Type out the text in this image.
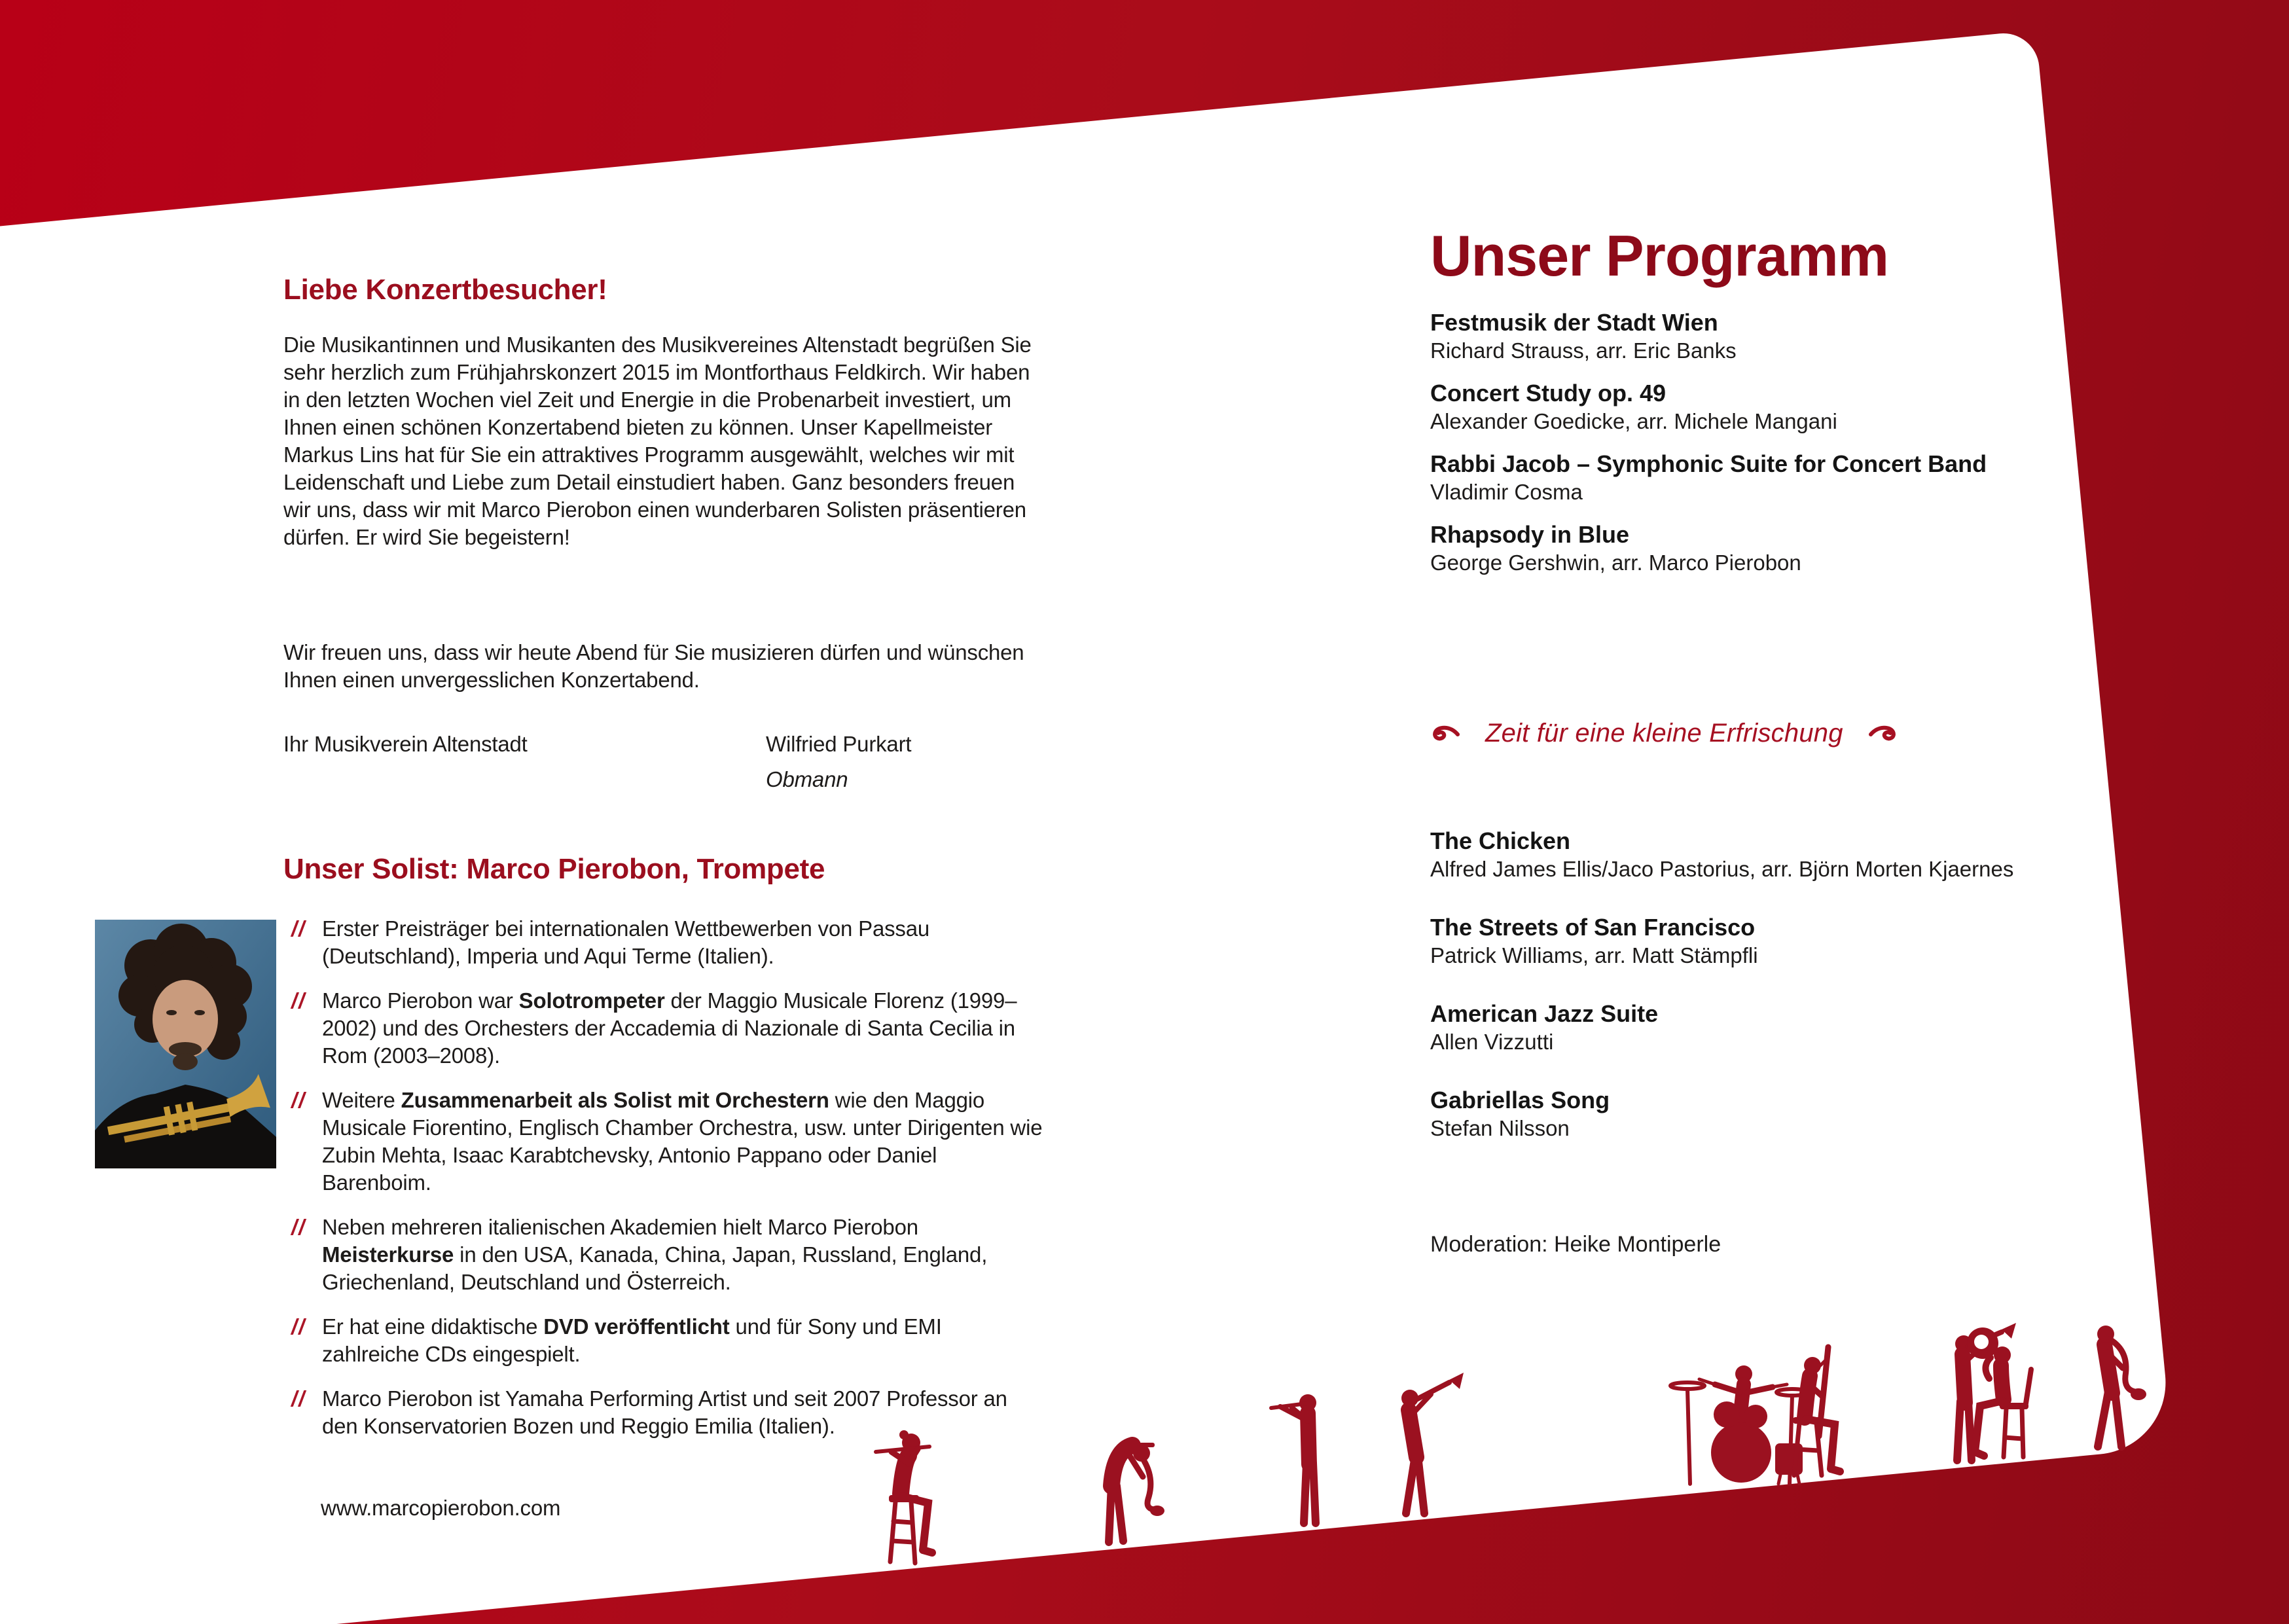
Liebe Konzertbesucher!
Die Musikantinnen und Musikanten des Musikvereines Altenstadt begrüßen Sie sehr herzlich zum Frühjahrskonzert 2015 im Montforthaus Feldkirch. Wir haben in den letzten Wochen viel Zeit und Energie in die Probenarbeit investiert, um Ihnen einen schönen Konzertabend bieten zu können. Unser Kapellmeister Markus Lins hat für Sie ein attraktives Programm ausgewählt, welches wir mit Leidenschaft und Liebe zum Detail einstudiert haben. Ganz besonders freuen wir uns, dass wir mit Marco Pierobon einen wunderbaren Solisten präsentieren dürfen. Er wird Sie begeistern!
Wir freuen uns, dass wir heute Abend für Sie musizieren dürfen und wünschen Ihnen einen unvergesslichen Konzertabend.
Ihr Musikverein Altenstadt	Wilfried Purkart
Obmann
Unser Solist: Marco Pierobon, Trompete
// Erster Preisträger bei internationalen Wettbewerben von Passau (Deutschland), Imperia und Aqui Terme (Italien).
// Marco Pierobon war Solotrompeter der Maggio Musicale Florenz (1999–2002) und des Orchesters der Accademia di Nazionale di Santa Cecilia in Rom (2003–2008).
// Weitere Zusammenarbeit als Solist mit Orchestern wie den Maggio Musicale Fiorentino, Englisch Chamber Orchestra, usw. unter Dirigenten wie Zubin Mehta, Isaac Karabtchevsky, Antonio Pappano oder Daniel Barenboim.
// Neben mehreren italienischen Akademien hielt Marco Pierobon Meisterkurse in den USA, Kanada, China, Japan, Russland, England, Griechenland, Deutschland und Österreich.
// Er hat eine didaktische DVD veröffentlicht und für Sony und EMI zahlreiche CDs eingespielt.
// Marco Pierobon ist Yamaha Performing Artist und seit 2007 Professor an den Konservatorien Bozen und Reggio Emilia (Italien).
www.marcopierobon.com
Unser Programm
Festmusik der Stadt Wien
Richard Strauss, arr. Eric Banks
Concert Study op. 49
Alexander Goedicke, arr. Michele Mangani
Rabbi Jacob – Symphonic Suite for Concert Band
Vladimir Cosma
Rhapsody in Blue
George Gershwin, arr. Marco Pierobon
Zeit für eine kleine Erfrischung
The Chicken
Alfred James Ellis/Jaco Pastorius, arr. Björn Morten Kjaernes
The Streets of San Francisco
Patrick Williams, arr. Matt Stämpfli
American Jazz Suite
Allen Vizzutti
Gabriellas Song
Stefan Nilsson
Moderation: Heike Montiperle
